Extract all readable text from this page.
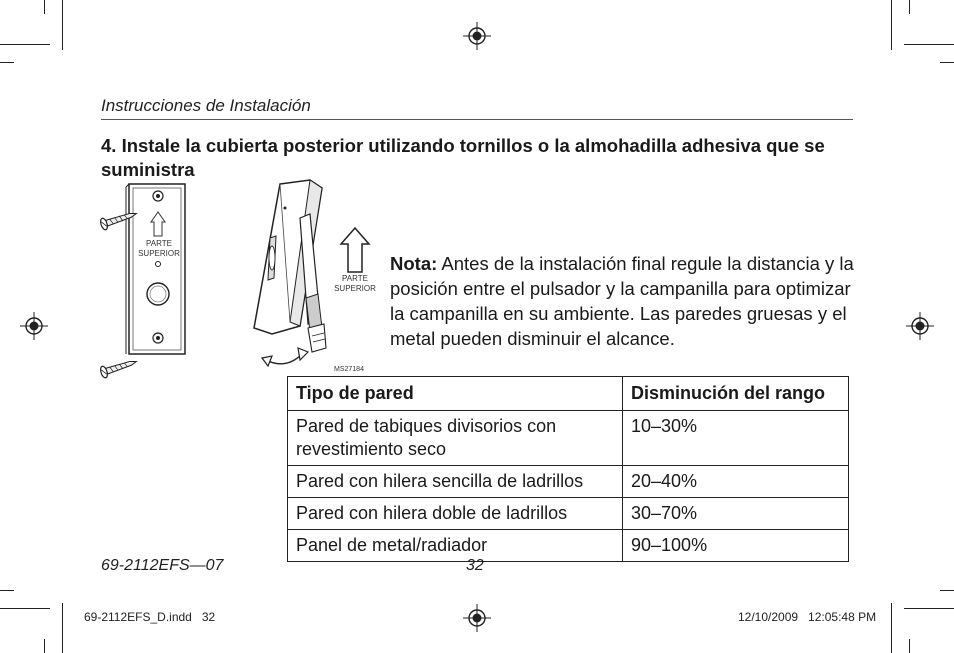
Instrucciones de Instalación
4. Instale la cubierta posterior utilizando tornillos o la almohadilla adhesiva que se suministra
PARTE
SUPERIOR
PARTE
SUPERIOR
MS27184
Nota: Antes de la instalación final regule la distancia y la posición entre el pulsador y la campanilla para optimizar la campanilla en su ambiente. Las paredes gruesas y el metal pueden disminuir el alcance.
Tipo de pared	Disminución del rango
Pared de tabiques divisorios con revestimiento seco	10–30%
Pared con hilera sencilla de ladrillos	20–40%
Pared con hilera doble de ladrillos	30–70%
Panel de metal/radiador	90–100%
69-2112EFS—07	32
69-2112EFS_D.indd   32	12/10/2009   12:05:48 PM
